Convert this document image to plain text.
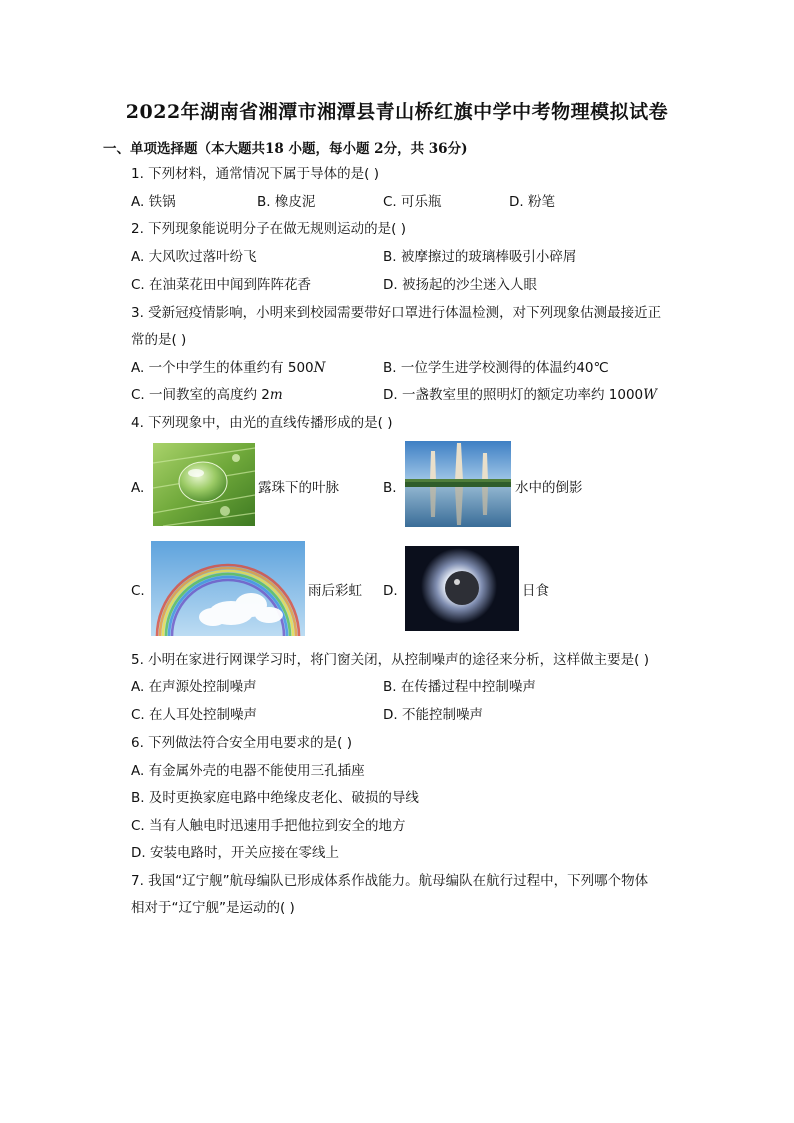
2022年湖南省湘潭市湘潭县青山桥红旗中学中考物理模拟试卷
一、单项选择题（本大题共18 小题，每小题 2分，共 36分)
1. 下列材料，通常情况下属于导体的是( )
A. 铁锅	B. 橡皮泥	C. 可乐瓶	D. 粉笔
2. 下列现象能说明分子在做无规则运动的是( )
A. 大风吹过落叶纷飞	B. 被摩擦过的玻璃棒吸引小碎屑
C. 在油菜花田中闻到阵阵花香	D. 被扬起的沙尘迷入人眼
3. 受新冠疫情影响，小明来到校园需要带好口罩进行体温检测，对下列现象估测最接近正
常的是( )
A. 一个中学生的体重约有 500N	B. 一位学生进学校测得的体温约40℃
C. 一间教室的高度约 2m	D. 一盏教室里的照明灯的额定功率约 1000W
4. 下列现象中，由光的直线传播形成的是( )
A.	露珠下的叶脉	B.	水中的倒影
C.	雨后彩虹 D.	日食
5. 小明在家进行网课学习时，将门窗关闭，从控制噪声的途径来分析，这样做主要是( )
A. 在声源处控制噪声	B. 在传播过程中控制噪声
C. 在人耳处控制噪声	D. 不能控制噪声
6. 下列做法符合安全用电要求的是( )
A. 有金属外壳的电器不能使用三孔插座
B. 及时更换家庭电路中绝缘皮老化、破损的导线
C. 当有人触电时迅速用手把他拉到安全的地方
D. 安装电路时，开关应接在零线上
7. 我国“辽宁舰”航母编队已形成体系作战能力。航母编队在航行过程中，下列哪个物体
相对于“辽宁舰”是运动的( )
